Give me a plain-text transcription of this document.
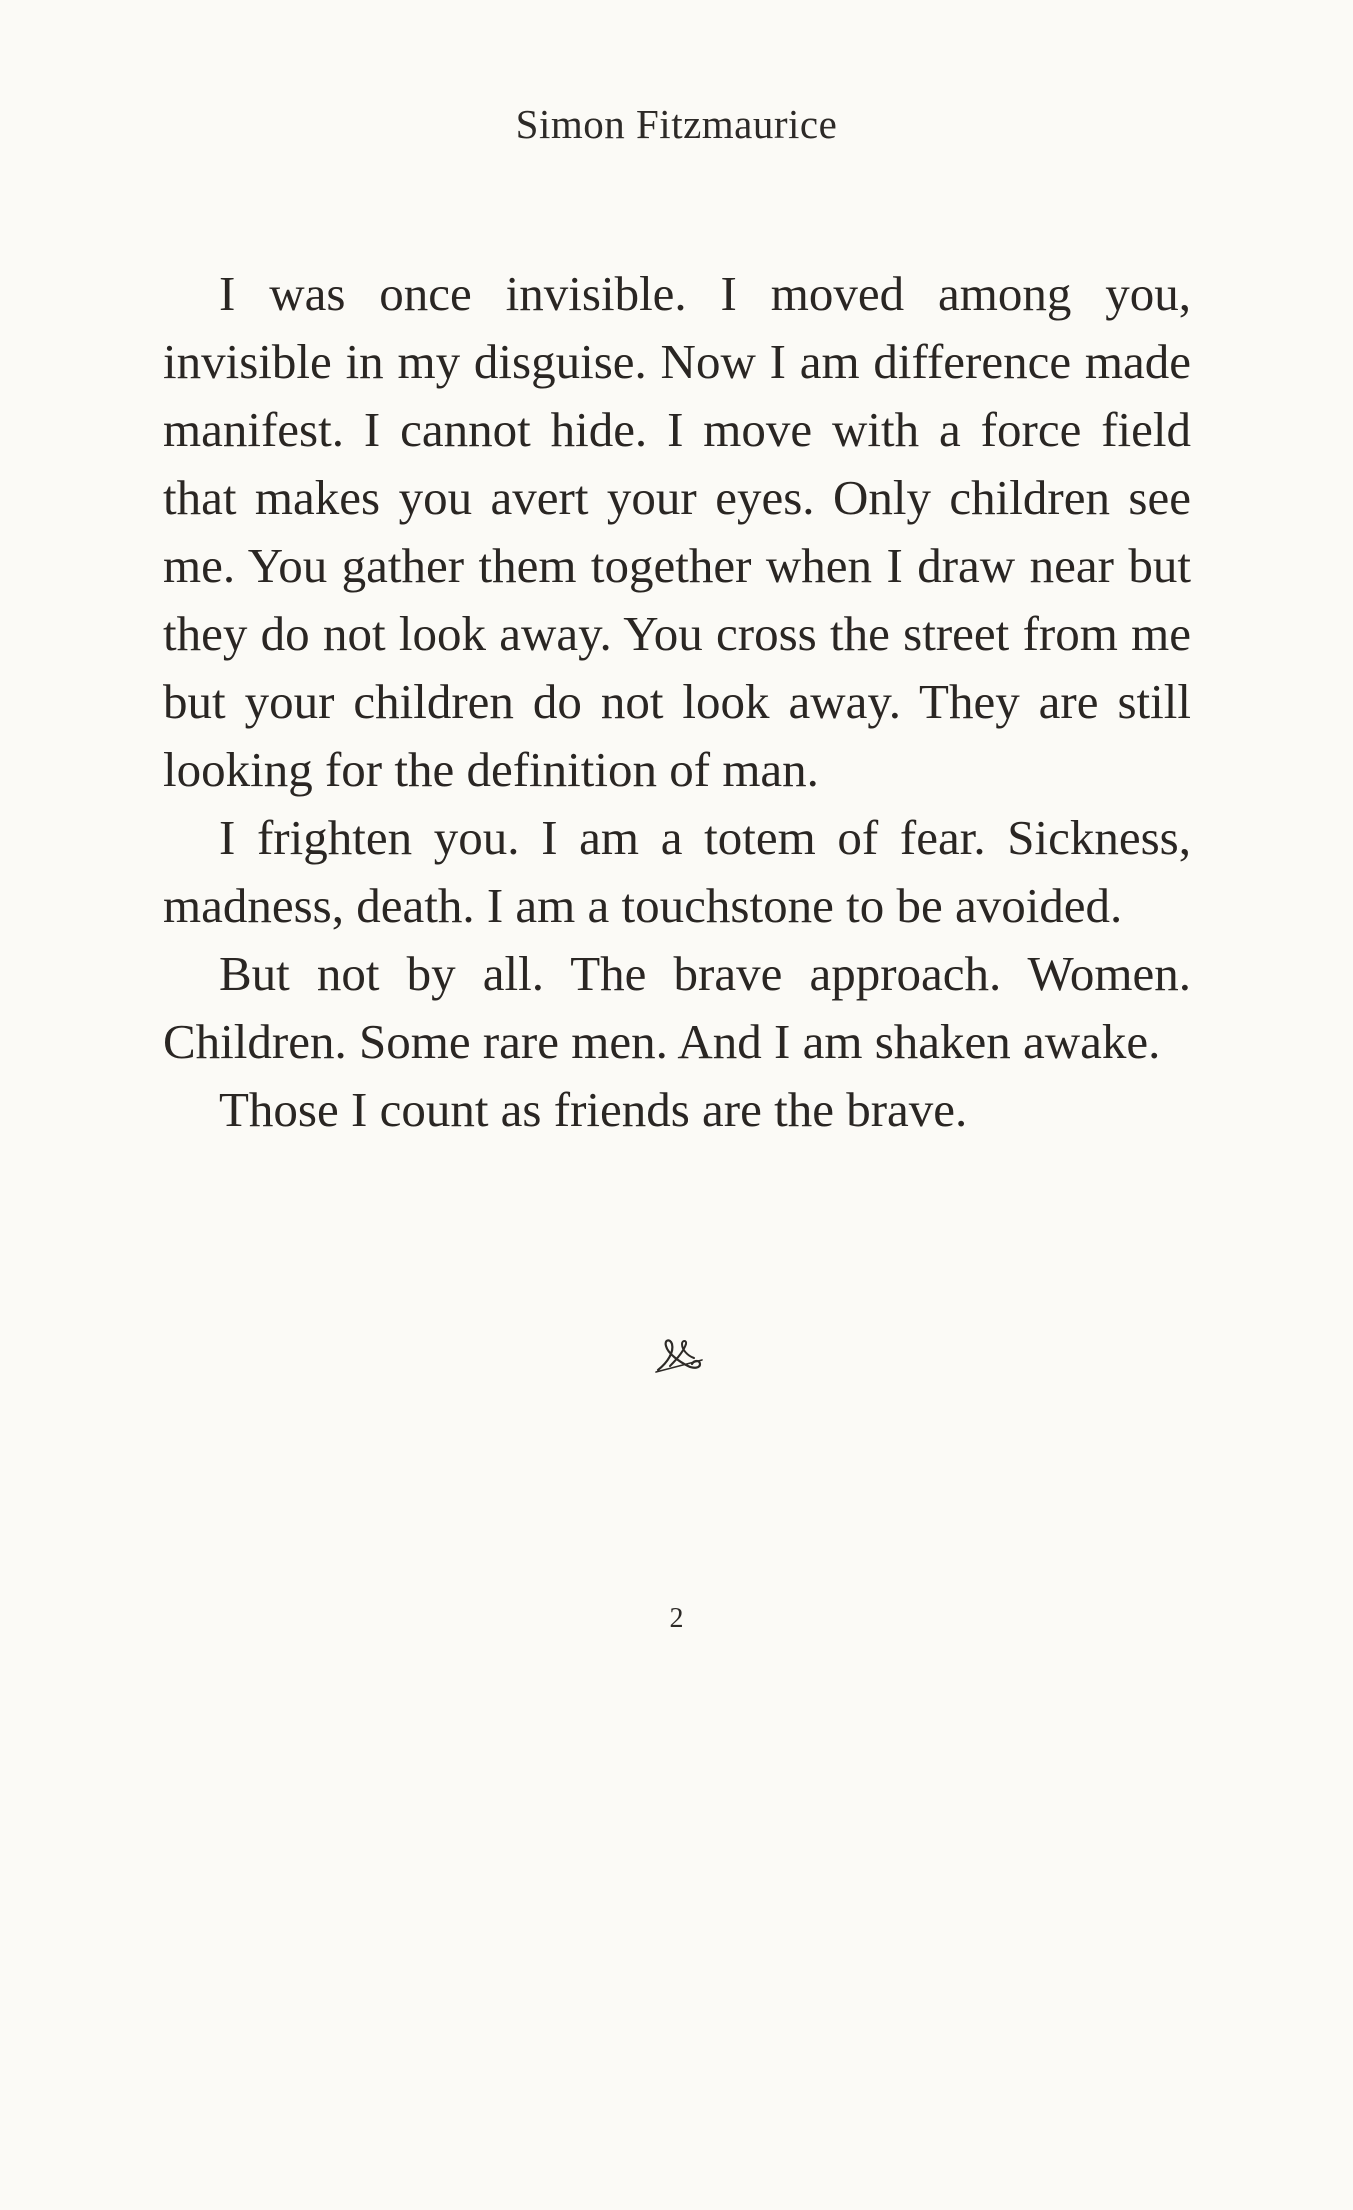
Simon Fitzmaurice

I was once invisible. I moved among you, invisible in my disguise. Now I am difference made manifest. I cannot hide. I move with a force field that makes you avert your eyes. Only children see me. You gather them together when I draw near but they do not look away. You cross the street from me but your children do not look away. They are still looking for the definition of man.

I frighten you. I am a totem of fear. Sickness, madness, death. I am a touchstone to be avoided.

But not by all. The brave approach. Women. Children. Some rare men. And I am shaken awake.

Those I count as friends are the brave.

2
